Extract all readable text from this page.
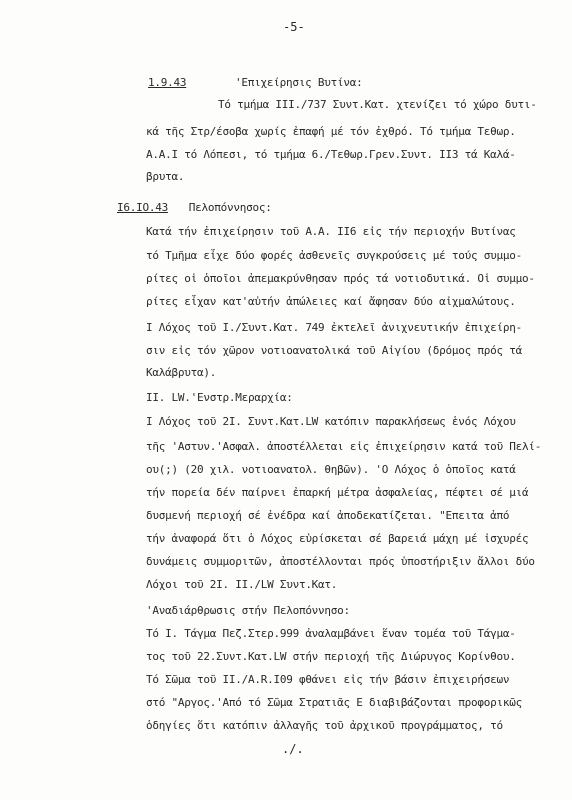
-5-
1.9.43	'Επιχείρησις Βυτίνα:
Τό τμήμα III./737 Συντ.Κατ. χτενίζει τό χώρο δυτι-
κά τῆς Στρ/έσοβα χωρίς ἐπαφή μέ τόν ἐχθρό. Τό τμήμα Τεθωρ.
Α.Α.I τό Λόπεσι, τό τμήμα 6./Τεθωρ.Γρεν.Συντ. II3 τά Καλά-
βρυτα.
I6.IO.43 Πελοπόννησος:
Κατά τήν ἐπιχείρησιν τοῦ Α.Α. II6 εἰς τήν περιοχήν Βυτίνας
τό Τμῆμα εἶχε δύο φορές ἀσθενεῖς συγκρούσεις μέ τούς συμμο-
ρίτες οἱ ὁποῖοι ἀπεμακρύνθησαν πρός τά νοτιοδυτικά. Οἱ συμμο-
ρίτες εἶχαν κατ'αὐτήν ἀπώλειες καί ἄφησαν δύο αἰχμαλώτους.
I Λόχος τοῦ I./Συντ.Κατ. 749 ἐκτελεῖ ἀνιχνευτικήν ἐπιχείρη-
σιν εἰς τόν χῶρον νοτιοανατολικά τοῦ Αἰγίου (δρόμος πρός τά
Καλάβρυτα).
II. LW.'Ενστρ.Μεραρχία:
I Λόχος τοῦ 2I. Συντ.Κατ.LW κατόπιν παρακλήσεως ἑνός Λόχου
τῆς 'Αστυν.'Ασφαλ. ἀποστέλλεται εἰς ἐπιχείρησιν κατά τοῦ Πελί-
ου(;) (20 χιλ. νοτιοανατολ. θηβῶν). 'Ο Λόχος ὁ ὁποῖος κατά
τήν πορεία δέν παίρνει ἐπαρκή μέτρα ἀσφαλείας, πέφτει σέ μιά
δυσμενή περιοχή σέ ἐνέδρα καί ἀποδεκατίζεται. "Επειτα ἀπό
τήν ἀναφορά ὅτι ὁ Λόχος εὑρίσκεται σέ βαρειά μάχη μέ ἰσχυρές
δυνάμεις συμμοριτῶν, ἀποστέλλονται πρός ὑποστήριξιν ἄλλοι δύο
Λόχοι τοῦ 2I. II./LW Συντ.Κατ.
'Αναδιάρθρωσις στήν Πελοπόννησο:
Τό I. Τάγμα Πεζ.Στερ.999 ἀναλαμβάνει ἕναν τομέα τοῦ Τάγμα-
τος τοῦ 22.Συντ.Κατ.LW στήν περιοχή τῆς Διώρυγος Κορίνθου.
Τό Σῶμα τοῦ II./A.R.I09 φθάνει εἰς τήν βάσιν ἐπιχειρήσεων
στό "Αργος.'Από τό Σῶμα Στρατιᾶς Ε διαβιβάζονται προφορικῶς
ὁδηγίες ὅτι κατόπιν ἀλλαγῆς τοῦ ἀρχικοῦ προγράμματος, τό
./.
